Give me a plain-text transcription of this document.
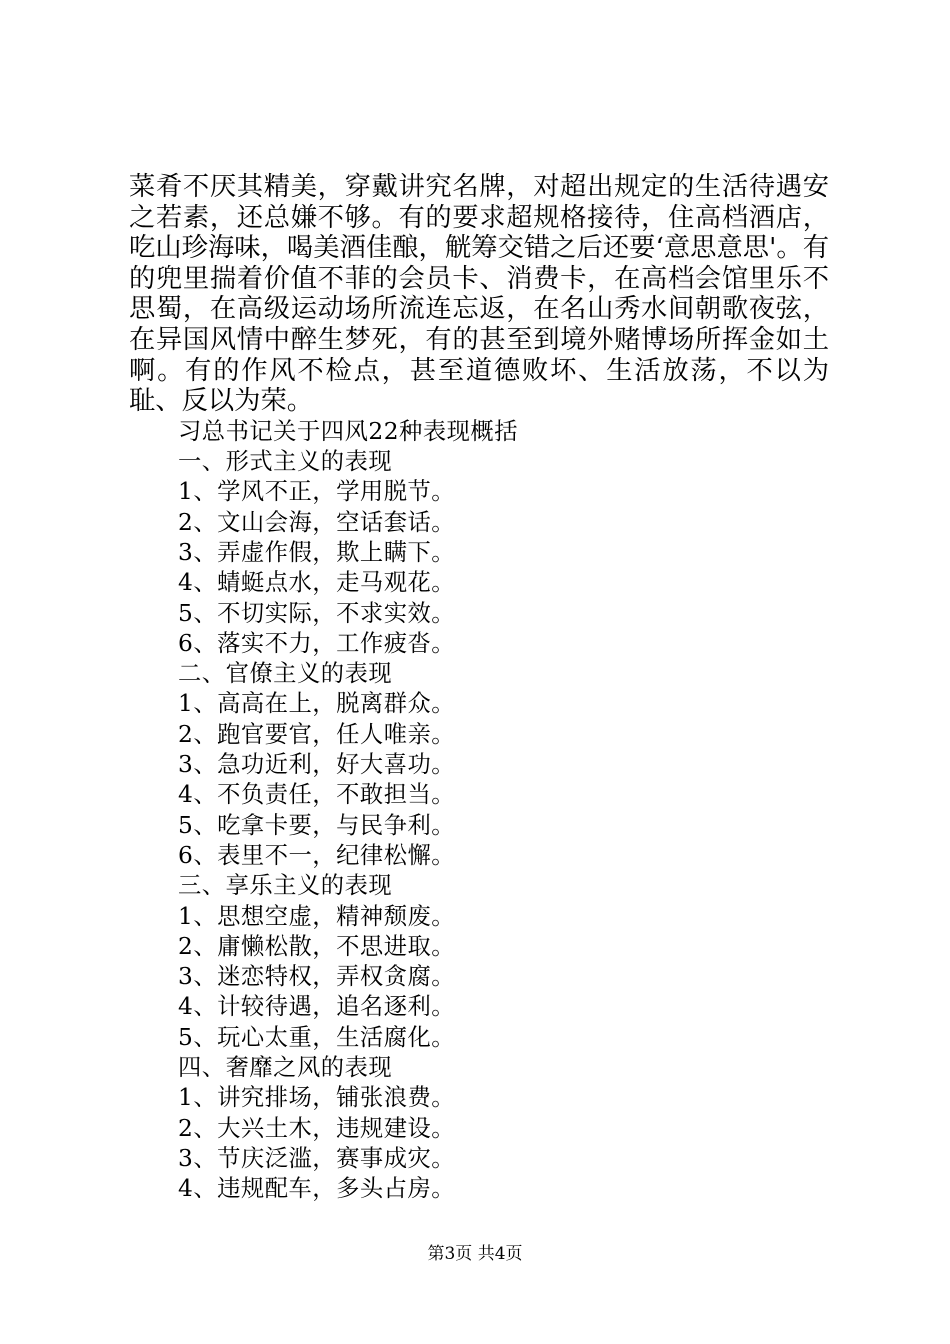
菜肴不厌其精美，穿戴讲究名牌，对超出规定的生活待遇安之若素，还总嫌不够。有的要求超规格接待，住高档酒店，吃山珍海味，喝美酒佳酿，觥筹交错之后还要‘意思意思'。有的兜里揣着价值不菲的会员卡、消费卡，在高档会馆里乐不思蜀，在高级运动场所流连忘返，在名山秀水间朝歌夜弦，在异国风情中醉生梦死，有的甚至到境外赌博场所挥金如土啊。有的作风不检点，甚至道德败坏、生活放荡，不以为耻、反以为荣。

习总书记关于四风22种表现概括

一、形式主义的表现

1、学风不正，学用脱节。

2、文山会海，空话套话。

3、弄虚作假，欺上瞒下。

4、蜻蜓点水，走马观花。

5、不切实际，不求实效。

6、落实不力，工作疲沓。

二、官僚主义的表现

1、高高在上，脱离群众。

2、跑官要官，任人唯亲。

3、急功近利，好大喜功。

4、不负责任，不敢担当。

5、吃拿卡要，与民争利。

6、表里不一，纪律松懈。

三、享乐主义的表现

1、思想空虚，精神颓废。

2、庸懒松散，不思进取。

3、迷恋特权，弄权贪腐。

4、计较待遇，追名逐利。

5、玩心太重，生活腐化。

四、奢靡之风的表现

1、讲究排场，铺张浪费。

2、大兴土木，违规建设。

3、节庆泛滥，赛事成灾。

4、违规配车，多头占房。

第3页 共4页
